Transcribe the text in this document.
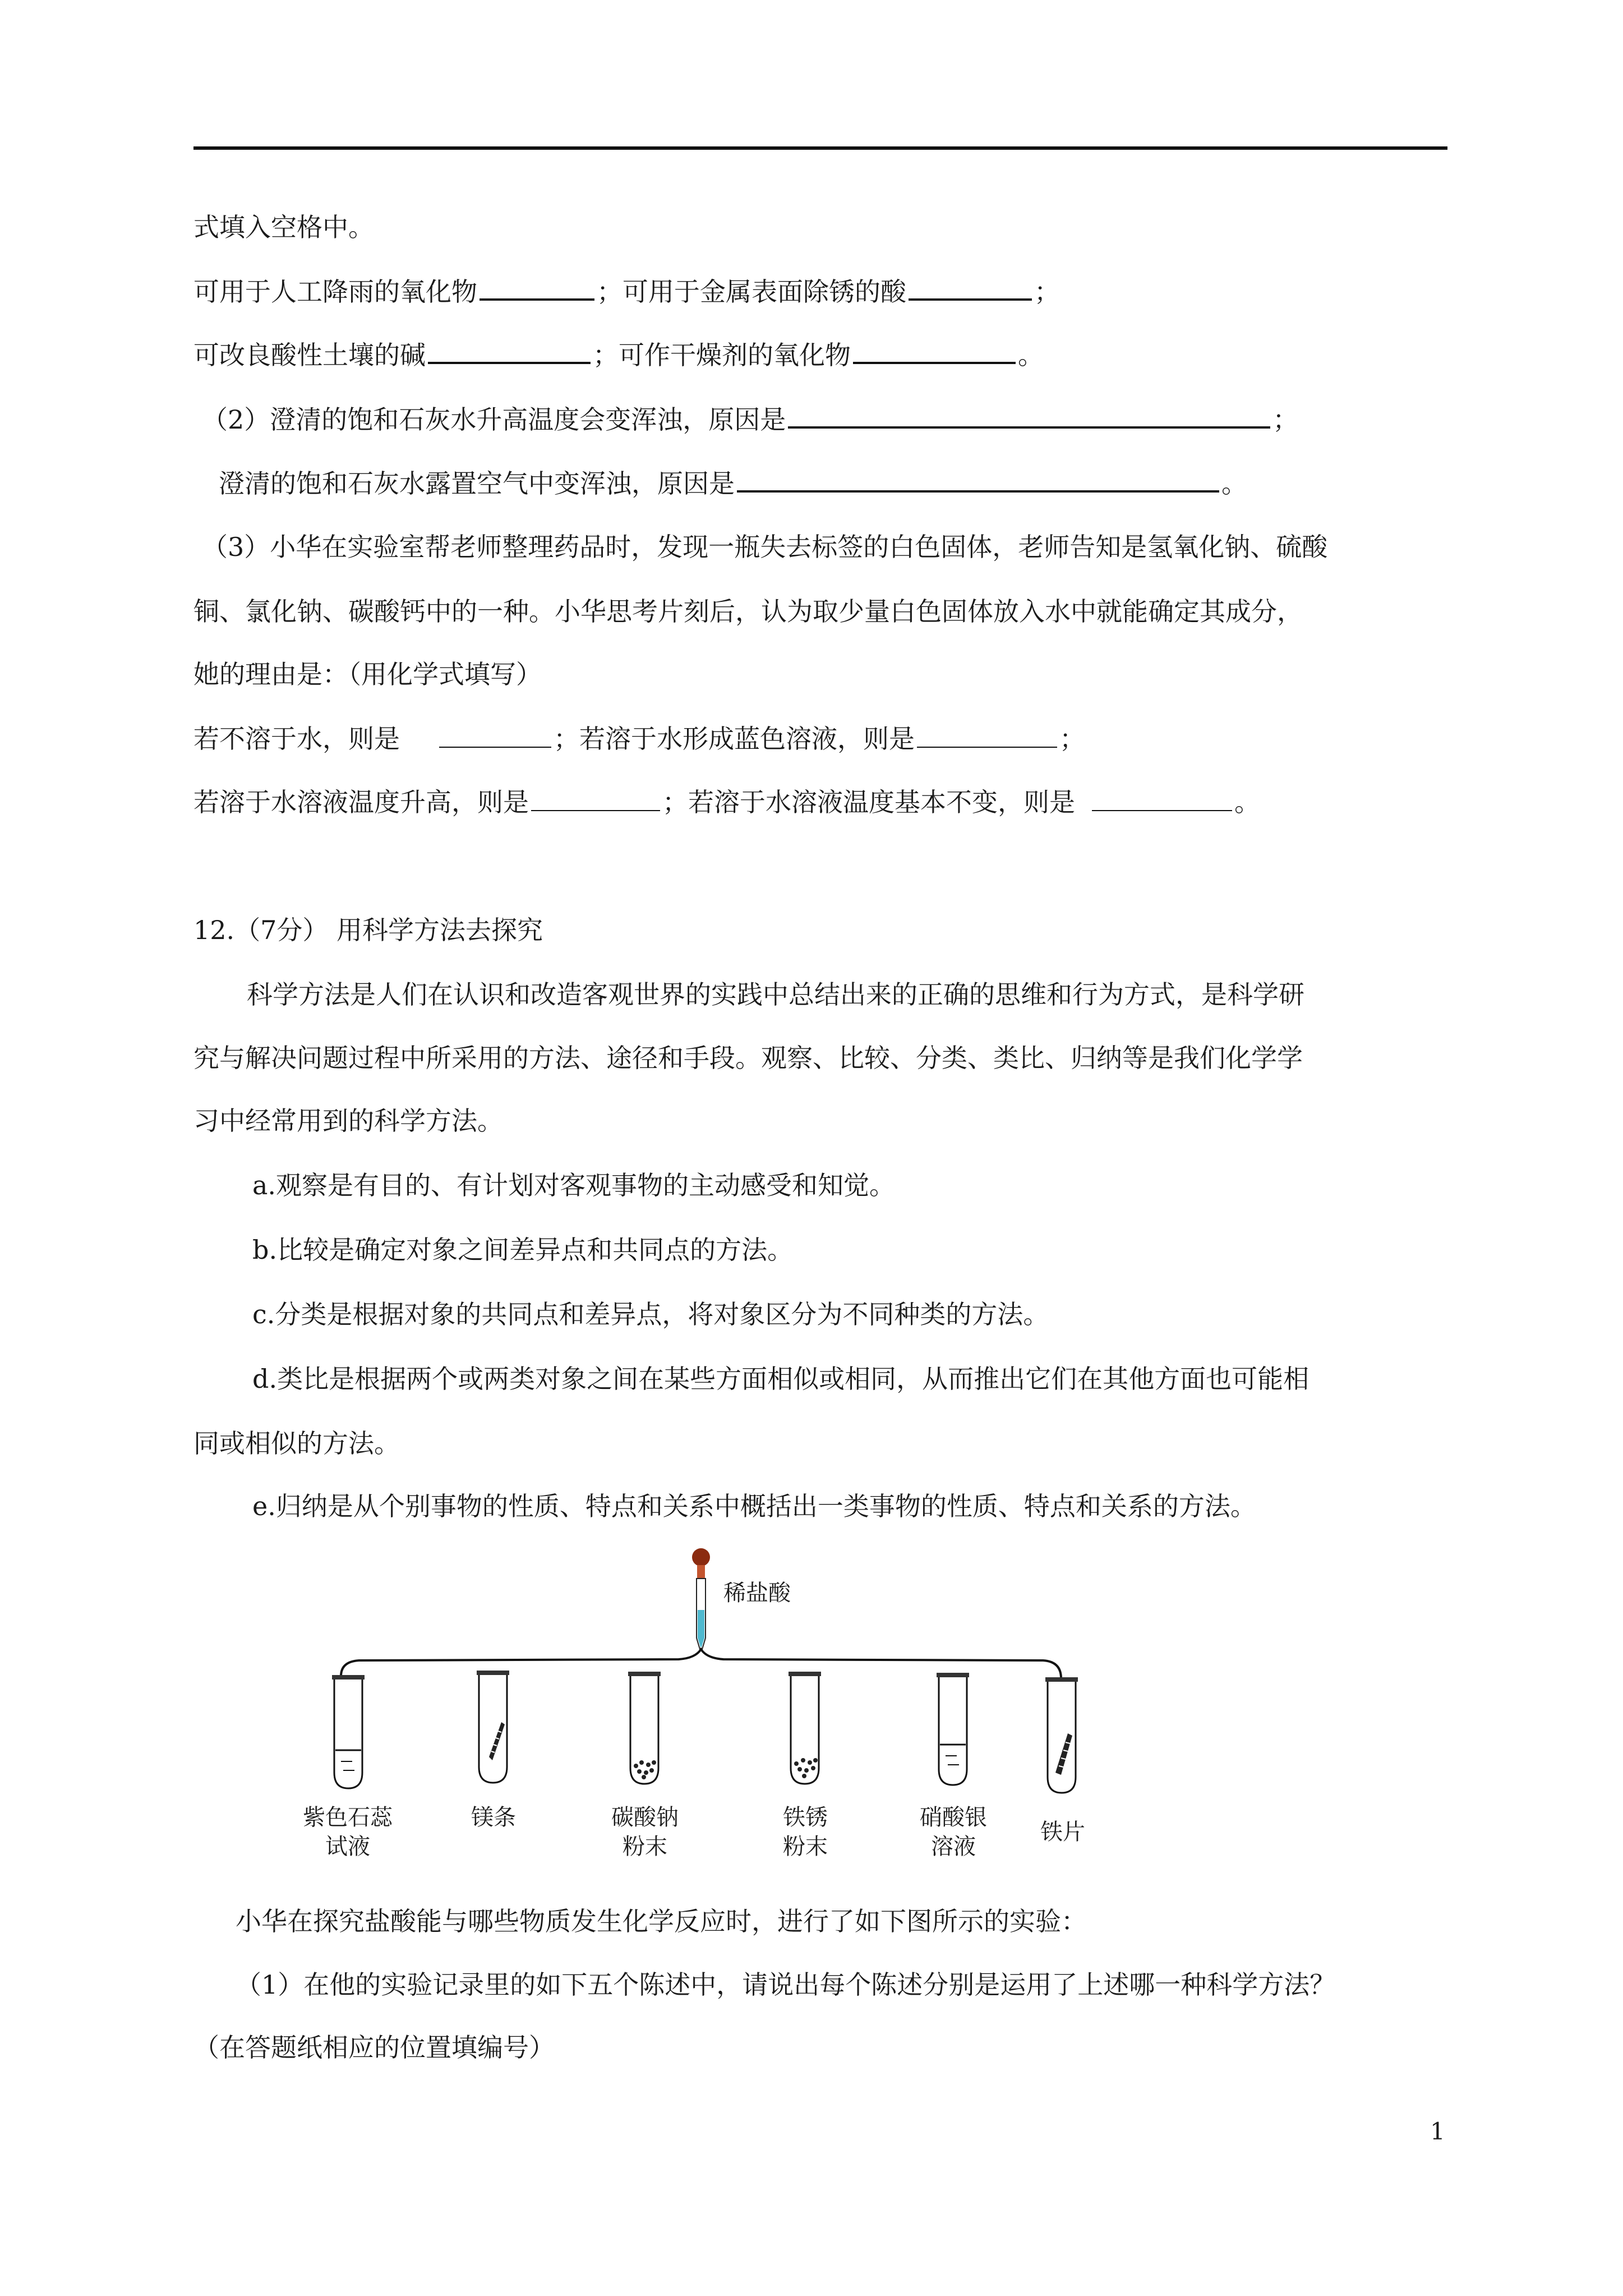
式填入空格中。
可用于人工降雨的氧化物	；可用于金属表面除锈的酸	；
可改良酸性土壤的碱	；可作干燥剂的氧化物	。
（2）澄清的饱和石灰水升高温度会变浑浊，原因是	；
澄清的饱和石灰水露置空气中变浑浊，原因是	。
（3）小华在实验室帮老师整理药品时，发现一瓶失去标签的白色固体，老师告知是氢氧化钠、硫酸
铜、氯化钠、碳酸钙中的一种。小华思考片刻后，认为取少量白色固体放入水中就能确定其成分，
她的理由是：（用化学式填写）
若不溶于水，则是	；若溶于水形成蓝色溶液，则是	；
若溶于水溶液温度升高，则是	；若溶于水溶液温度基本不变，则是	。
12.（7分） 用科学方法去探究
科学方法是人们在认识和改造客观世界的实践中总结出来的正确的思维和行为方式，是科学研
究与解决问题过程中所采用的方法、途径和手段。观察、比较、分类、类比、归纳等是我们化学学
习中经常用到的科学方法。
a.观察是有目的、有计划对客观事物的主动感受和知觉。
b.比较是确定对象之间差异点和共同点的方法。
c.分类是根据对象的共同点和差异点，将对象区分为不同种类的方法。
d.类比是根据两个或两类对象之间在某些方面相似或相同，从而推出它们在其他方面也可能相
同或相似的方法。
e.归纳是从个别事物的性质、特点和关系中概括出一类事物的性质、特点和关系的方法。
稀盐酸
紫色石蕊
试液
镁条	碳酸钠
粉末
铁锈
粉末
硝酸银
溶液
铁片
小华在探究盐酸能与哪些物质发生化学反应时，进行了如下图所示的实验：
（1）在他的实验记录里的如下五个陈述中，请说出每个陈述分别是运用了上述哪一种科学方法？
（在答题纸相应的位置填编号）
1
